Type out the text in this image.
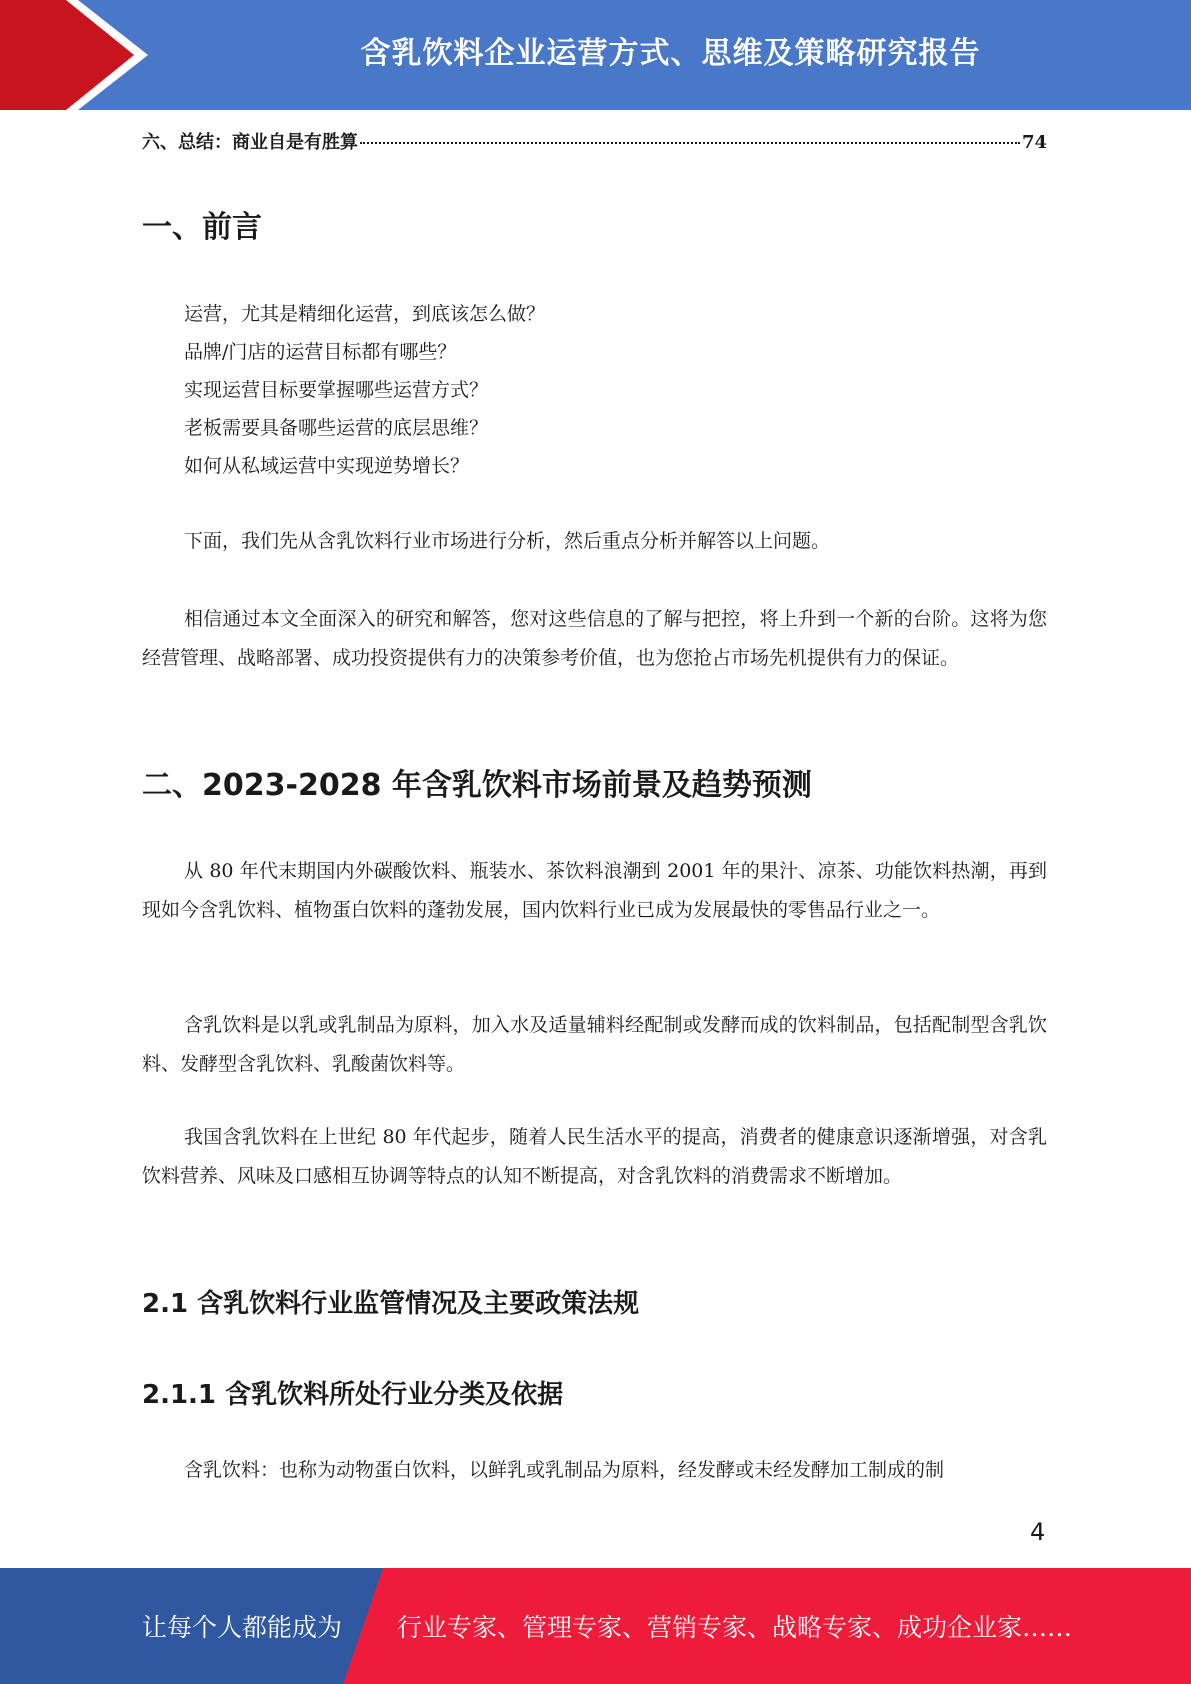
含乳饮料企业运营方式、思维及策略研究报告
六、总结：商业自是有胜算	74
一、前言
运营，尤其是精细化运营，到底该怎么做？
品牌/门店的运营目标都有哪些？
实现运营目标要掌握哪些运营方式？
老板需要具备哪些运营的底层思维？
如何从私域运营中实现逆势增长？

下面，我们先从含乳饮料行业市场进行分析，然后重点分析并解答以上问题。

相信通过本文全面深入的研究和解答，您对这些信息的了解与把控，将上升到一个新的台阶。这将为您经营管理、战略部署、成功投资提供有力的决策参考价值，也为您抢占市场先机提供有力的保证。

二、2023-2028 年含乳饮料市场前景及趋势预测

从 80 年代末期国内外碳酸饮料、瓶装水、茶饮料浪潮到 2001 年的果汁、凉茶、功能饮料热潮，再到现如今含乳饮料、植物蛋白饮料的蓬勃发展，国内饮料行业已成为发展最快的零售品行业之一。

含乳饮料是以乳或乳制品为原料，加入水及适量辅料经配制或发酵而成的饮料制品，包括配制型含乳饮料、发酵型含乳饮料、乳酸菌饮料等。

我国含乳饮料在上世纪 80 年代起步，随着人民生活水平的提高，消费者的健康意识逐渐增强，对含乳饮料营养、风味及口感相互协调等特点的认知不断提高，对含乳饮料的消费需求不断增加。

2.1 含乳饮料行业监管情况及主要政策法规
2.1.1 含乳饮料所处行业分类及依据

含乳饮料：也称为动物蛋白饮料，以鲜乳或乳制品为原料，经发酵或未经发酵加工制成的制

4
让每个人都能成为 行业专家、管理专家、营销专家、战略专家、成功企业家……
